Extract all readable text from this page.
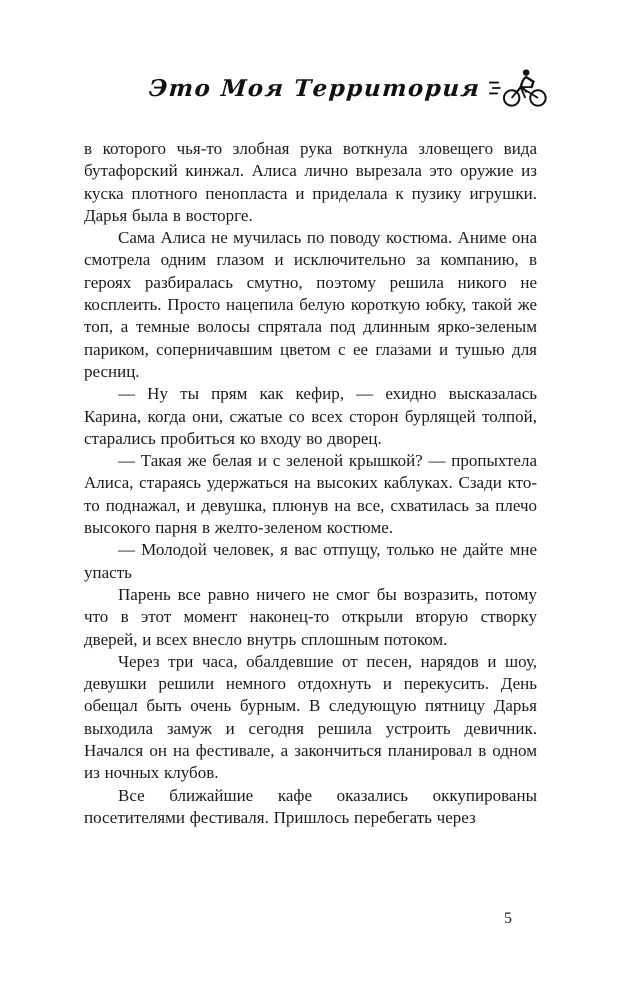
Это Моя Территория

в которого чья-то злобная рука воткнула зловещего вида бутафорский кинжал. Алиса лично вырезала это оружие из куска плотного пенопласта и приделала к пузику игрушки. Дарья была в восторге.

Сама Алиса не мучилась по поводу костюма. Аниме она смотрела одним глазом и исключительно за компанию, в героях разбиралась смутно, поэтому решила никого не косплеить. Просто нацепила белую короткую юбку, такой же топ, а темные волосы спрятала под длинным ярко-зеленым париком, соперничавшим цветом с ее глазами и тушью для ресниц.

— Ну ты прям как кефир, — ехидно высказалась Карина, когда они, сжатые со всех сторон бурлящей толпой, старались пробиться ко входу во дворец.

— Такая же белая и с зеленой крышкой? — пропыхтела Алиса, стараясь удержаться на высоких каблуках. Сзади кто-то поднажал, и девушка, плюнув на все, схватилась за плечо высокого парня в желто-зеленом костюме.

— Молодой человек, я вас отпущу, только не дайте мне упасть

Парень все равно ничего не смог бы возразить, потому что в этот момент наконец-то открыли вторую створку дверей, и всех внесло внутрь сплошным потоком.

Через три часа, обалдевшие от песен, нарядов и шоу, девушки решили немного отдохнуть и перекусить. День обещал быть очень бурным. В следующую пятницу Дарья выходила замуж и сегодня решила устроить девичник. Начался он на фестивале, а закончиться планировал в одном из ночных клубов.

Все ближайшие кафе оказались оккупированы посетителями фестиваля. Пришлось перебегать через

5
